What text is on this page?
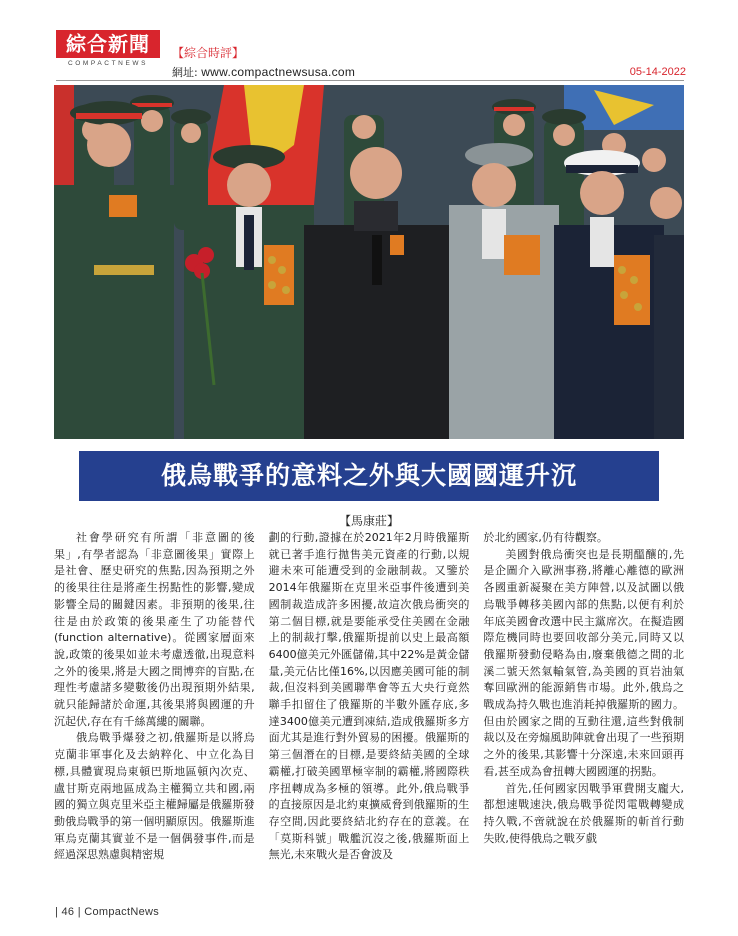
綜合新聞
COMPACTNEWS
【綜合時評】
網址: www.compactnewsusa.com	05-14-2022
俄烏戰爭的意料之外與大國國運升沉
【馬康莊】

社會學研究有所謂「非意圖的後果」,有學者認為「非意圖後果」實際上是社會、歷史研究的焦點,因為預期之外的後果往往是將產生拐點性的影響,變成影響全局的關鍵因素。非預期的後果,往往是由於政策的後果產生了功能替代 (function alternative)。從國家層面來說,政策的後果如並未考慮透徹,出現意料之外的後果,將是大國之間博弈的盲點,在理性考慮諸多變數後仍出現預期外結果,就只能歸諸於命運,其後果將與國運的升沉起伏,存在有千絲萬縷的關聯。

俄烏戰爭爆發之初,俄羅斯是以將烏克蘭非軍事化及去納粹化、中立化為目標,具體實現烏東頓巴斯地區頓內次克、盧甘斯克兩地區成為主權獨立共和國,兩國的獨立與克里米亞主權歸屬是俄羅斯發動俄烏戰爭的第一個明顯原因。俄羅斯進軍烏克蘭其實並不是一個偶發事件,而是經過深思熟慮與精密規

劃的行動,證據在於2021年2月時俄羅斯就已著手進行拋售美元資產的行動,以規避未來可能遭受到的金融制裁。又鑒於2014年俄羅斯在克里米亞事件後遭到美國制裁造成許多困擾,故這次俄烏衝突的第二個目標,就是要能承受住美國在金融上的制裁打擊,俄羅斯提前以史上最高額6400億美元外匯儲備,其中22%是黃金儲量,美元佔比僅16%,以因應美國可能的制裁,但沒料到美國聯準會等五大央行竟然聯手扣留住了俄羅斯的半數外匯存底,多達3400億美元遭到凍結,造成俄羅斯多方面尤其是進行對外貿易的困擾。俄羅斯的第三個潛在的目標,是要終結美國的全球霸權,打破美國單極宰制的霸權,將國際秩序扭轉成為多極的領導。此外,俄烏戰爭的直接原因是北約東擴威脅到俄羅斯的生存空間,因此要終結北約存在的意義。在「莫斯科號」戰艦沉沒之後,俄羅斯面上無光,未來戰火是否會波及

於北約國家,仍有待觀察。

美國對俄烏衝突也是長期醞釀的,先是企圖介入歐洲事務,將離心離德的歐洲各國重新凝聚在美方陣營,以及試圖以俄烏戰爭轉移美國內部的焦點,以便有利於年底美國會改選中民主黨席次。在擬造國際危機同時也要回收部分美元,同時又以俄羅斯發動侵略為由,廢棄俄德之間的北溪二號天然氣輸氣管,為美國的頁岩油氣奪回歐洲的能源銷售市場。此外,俄烏之戰成為持久戰也進消耗掉俄羅斯的國力。但由於國家之間的互動往還,這些對俄制裁以及在旁煽風助陣就會出現了一些預期之外的後果,其影響十分深遠,未來回頭再看,甚至成為會扭轉大國國運的拐點。

首先,任何國家因戰爭軍費開支龐大,都想速戰速決,俄烏戰爭從閃電戰轉變成持久戰,不啻就說在於俄羅斯的斬首行動失敗,使得俄烏之戰歹戲

| 46 | CompactNews
